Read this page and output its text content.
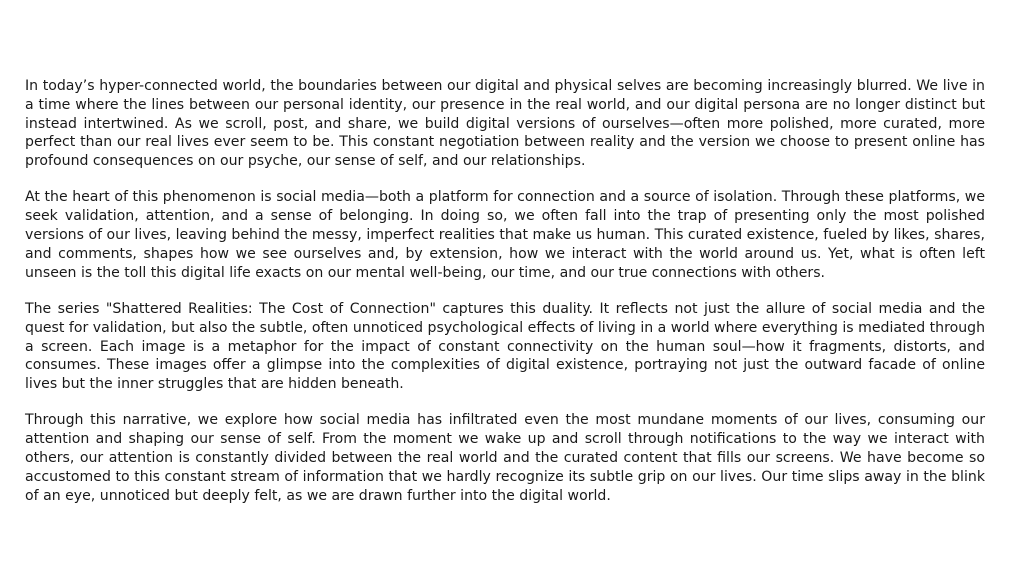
In today’s hyper-connected world, the boundaries between our digital and physical selves are becoming increasingly blurred. We live in a time where the lines between our personal identity, our presence in the real world, and our digital persona are no longer distinct but instead intertwined. As we scroll, post, and share, we build digital versions of ourselves—often more polished, more curated, more perfect than our real lives ever seem to be. This constant negotiation between reality and the version we choose to present online has profound consequences on our psyche, our sense of self, and our relationships.

At the heart of this phenomenon is social media—both a platform for connection and a source of isolation. Through these platforms, we seek validation, attention, and a sense of belonging. In doing so, we often fall into the trap of presenting only the most polished versions of our lives, leaving behind the messy, imperfect realities that make us human. This curated existence, fueled by likes, shares, and comments, shapes how we see ourselves and, by extension, how we interact with the world around us. Yet, what is often left unseen is the toll this digital life exacts on our mental well-being, our time, and our true connections with others.

The series "Shattered Realities: The Cost of Connection" captures this duality. It reflects not just the allure of social media and the quest for validation, but also the subtle, often unnoticed psychological effects of living in a world where everything is mediated through a screen. Each image is a metaphor for the impact of constant connectivity on the human soul—how it fragments, distorts, and consumes. These images offer a glimpse into the complexities of digital existence, portraying not just the outward facade of online lives but the inner struggles that are hidden beneath.

Through this narrative, we explore how social media has infiltrated even the most mundane moments of our lives, consuming our attention and shaping our sense of self. From the moment we wake up and scroll through notifications to the way we interact with others, our attention is constantly divided between the real world and the curated content that fills our screens. We have become so accustomed to this constant stream of information that we hardly recognize its subtle grip on our lives. Our time slips away in the blink of an eye, unnoticed but deeply felt, as we are drawn further into the digital world.
